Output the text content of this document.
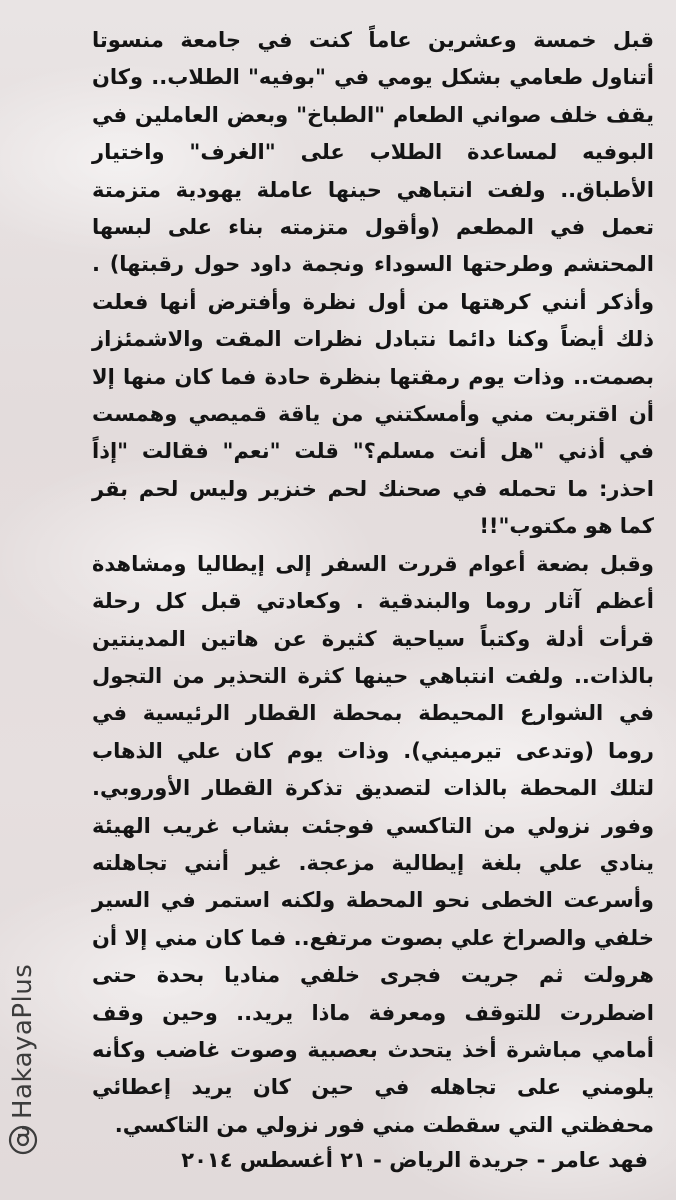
قبل خمسة وعشرين عاماً كنت في جامعة منسوتا أتناول طعامي بشكل يومي في "بوفيه" الطلاب.. وكان يقف خلف صواني الطعام "الطباخ" وبعض العاملين في البوفيه لمساعدة الطلاب على "الغرف" واختيار الأطباق.. ولفت انتباهي حينها عاملة يهودية متزمتة تعمل في المطعم (وأقول متزمته بناء على لبسها المحتشم وطرحتها السوداء ونجمة داود حول رقبتها) . وأذكر أنني كرهتها من أول نظرة وأفترض أنها فعلت ذلك أيضاً وكنا دائما نتبادل نظرات المقت والاشمئزاز بصمت.. وذات يوم رمقتها بنظرة حادة فما كان منها إلا أن اقتربت مني وأمسكتني من ياقة قميصي وهمست في أذني "هل أنت مسلم؟" قلت "نعم" فقالت "إذاً احذر: ما تحمله في صحنك لحم خنزير وليس لحم بقر كما هو مكتوب"!!

وقبل بضعة أعوام قررت السفر إلى إيطاليا ومشاهدة أعظم آثار روما والبندقية . وكعادتي قبل كل رحلة قرأت أدلة وكتباً سياحية كثيرة عن هاتين المدينتين بالذات.. ولفت انتباهي حينها كثرة التحذير من التجول في الشوارع المحيطة بمحطة القطار الرئيسية في روما (وتدعى تيرميني). وذات يوم كان علي الذهاب لتلك المحطة بالذات لتصديق تذكرة القطار الأوروبي. وفور نزولي من التاكسي فوجئت بشاب غريب الهيئة ينادي علي بلغة إيطالية مزعجة. غير أنني تجاهلته وأسرعت الخطى نحو المحطة ولكنه استمر في السير خلفي والصراخ علي بصوت مرتفع.. فما كان مني إلا أن هرولت ثم جريت فجرى خلفي مناديا بحدة حتى اضطررت للتوقف ومعرفة ماذا يريد.. وحين وقف أمامي مباشرة أخذ يتحدث بعصبية وصوت غاضب وكأنه يلومني على تجاهله في حين كان يريد إعطائي محفظتي التي سقطت مني فور نزولي من التاكسي.

فهد عامر - جريدة الرياض - ٢١ أغسطس ٢٠١٤
HakayaPlus
